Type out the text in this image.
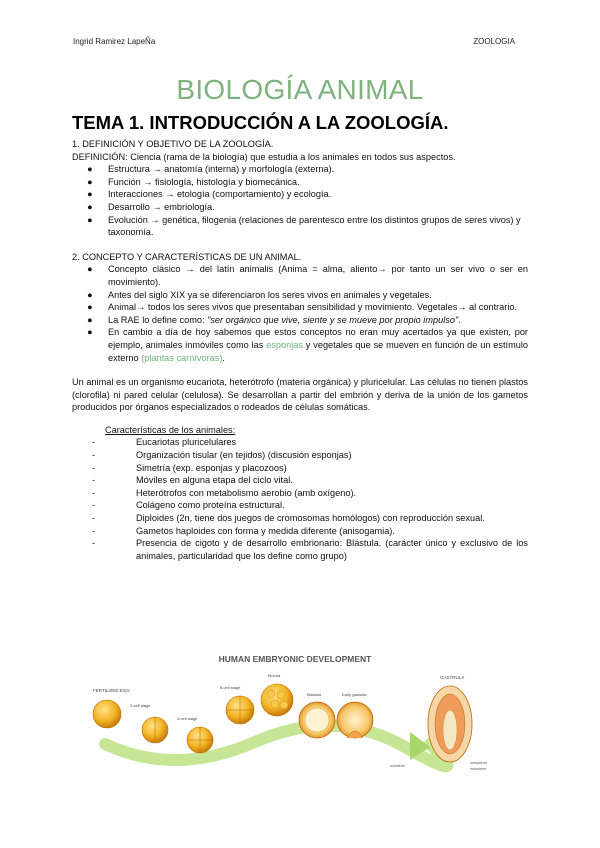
Ingrid Ramirez LapeÑa	ZOOLOGIA
BIOLOGÍA ANIMAL
TEMA 1. INTRODUCCIÓN A LA ZOOLOGÍA.

1. DEFINICIÓN Y OBJETIVO DE LA ZOOLOGÍA.

DEFINICIÓN: Ciencia (rama de la biología) que estudia a los animales en todos sus aspectos.

● Estructura → anatomía (interna) y morfología (externa).
● Función → fisiología, histología y biomecánica.
● Interacciones → etología (comportamiento) y ecología.
● Desarrollo → embriología.
● Evolución → genética, filogenia (relaciones de parentesco entre los distintos grupos de seres vivos) y taxonomía.

2. CONCEPTO Y CARACTERÍSTICAS DE UN ANIMAL.

● Concepto clásico → del latín animalis (Anima = alma, aliento→ por tanto un ser vivo o ser en movimiento).
● Antes del siglo XIX ya se diferenciaron los seres vivos en animales y vegetales.
● Animal→ todos los seres vivos que presentaban sensibilidad y movimiento. Vegetales→ al contrario.
● La RAE lo define como: "ser orgánico que vive, siente y se mueve por propio impulso".
● En cambio a día de hoy sabemos que estos conceptos no eran muy acertados ya que existen, por ejemplo, animales inmóviles como las esponjas y vegetales que se mueven en función de un estímulo externo (plantas carnívoras).

Un animal es un organismo eucariota, heterótrofo (materia orgánica) y pluricelular. Las células no tienen plastos (clorofila) ni pared celular (celulosa). Se desarrollan a partir del embrión y deriva de la unión de los gametos producidos por órganos especializados o rodeados de células somáticas.

Características de los animales:

-	Eucariotas pluricelulares
-	Organización tisular (en tejidos) (discusión esponjas)
-	Simetría (exp. esponjas y placozoos)
-	Móviles en alguna etapa del ciclo vital.
-	Heterótrofos con metabolismo aerobio (amb oxígeno).
-	Colágeno como proteína estructural.
-	Diploides (2n, tiene dos juegos de cromosomas homólogos) con reproducción sexual.
-	Gametos haploides con forma y medida diferente (anisogamia).
-	Presencia de cigoto y de desarrollo embrionario: Blástula. (carácter único y exclusivo de los animales, particularidad que los define como grupo)
HUMAN EMBRYONIC DEVELOPMENT
FERTILIZED EGG
2-cell stage
4-cell stage
8-cell stage
Morula
Blastula	Early gastrula
GASTRULA
ectoderm
mesoderm
endoderm
